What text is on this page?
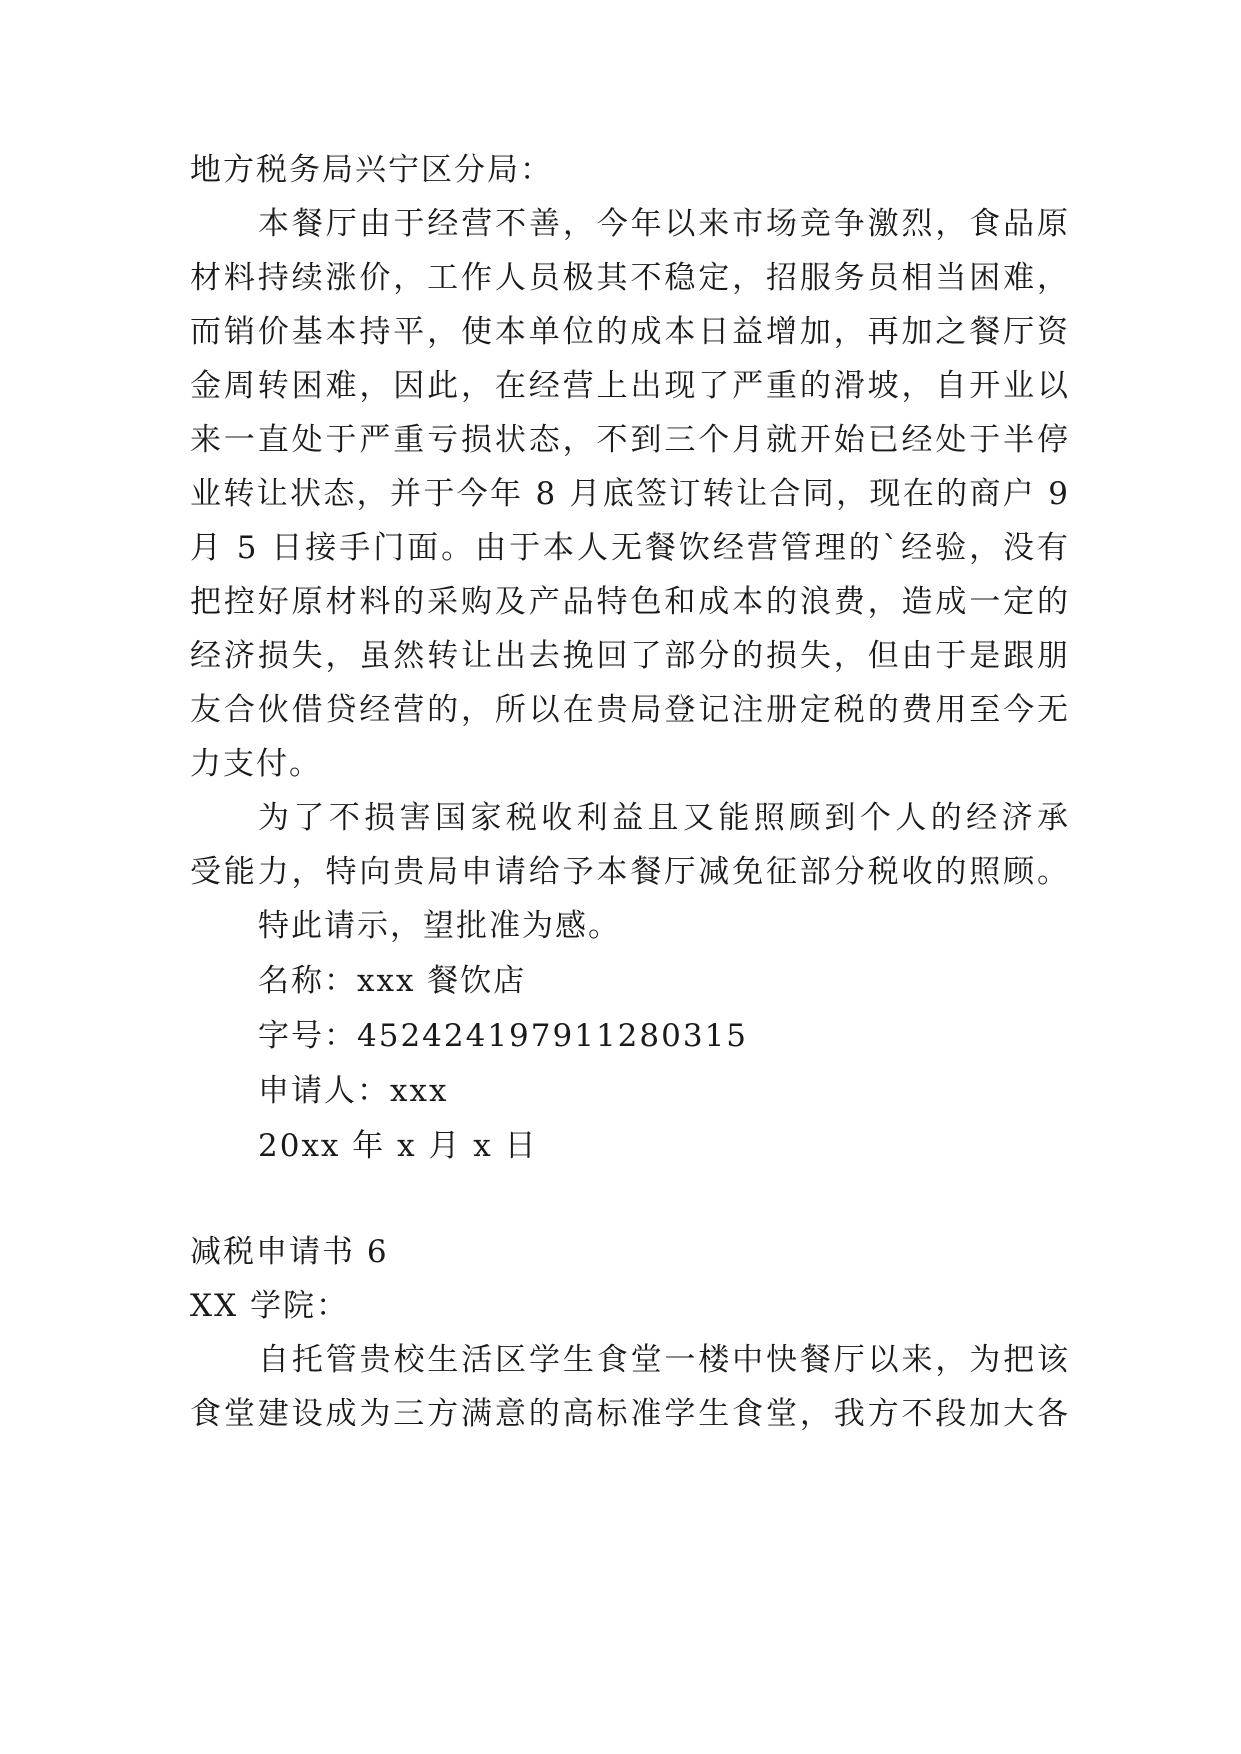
地方税务局兴宁区分局：
本餐厅由于经营不善，今年以来市场竞争激烈，食品原
材料持续涨价，工作人员极其不稳定，招服务员相当困难，
而销价基本持平，使本单位的成本日益增加，再加之餐厅资
金周转困难，因此，在经营上出现了严重的滑坡，自开业以
来一直处于严重亏损状态，不到三个月就开始已经处于半停
业转让状态，并于今年 8 月底签订转让合同，现在的商户 9
月 5 日接手门面。由于本人无餐饮经营管理的`经验，没有
把控好原材料的采购及产品特色和成本的浪费，造成一定的
经济损失，虽然转让出去挽回了部分的损失，但由于是跟朋
友合伙借贷经营的，所以在贵局登记注册定税的费用至今无
力支付。
为了不损害国家税收利益且又能照顾到个人的经济承
受能力，特向贵局申请给予本餐厅减免征部分税收的照顾。
特此请示，望批准为感。
名称：xxx 餐饮店
字号：452424197911280315
申请人：xxx
20xx 年 x 月 x 日
减税申请书 6
XX 学院：
自托管贵校生活区学生食堂一楼中快餐厅以来，为把该
食堂建设成为三方满意的高标准学生食堂，我方不段加大各
